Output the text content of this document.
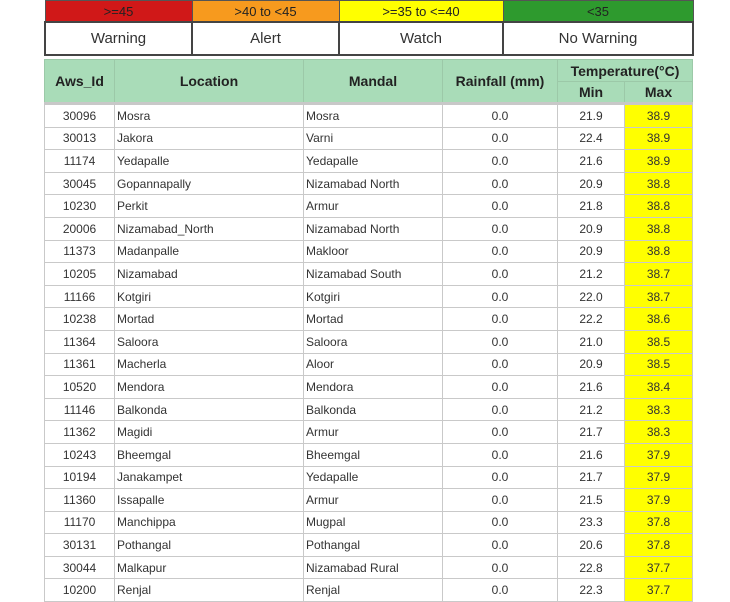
>=45	>40 to <45	>=35 to <=40	<35
Warning	Alert	Watch	No Warning
Aws_Id	Location	Mandal	Rainfall (mm)	Temperature(°C)	
				Min	Max
30096	Mosra	Mosra	0.0	21.9	38.9
30013	Jakora	Varni	0.0	22.4	38.9
11174	Yedapalle	Yedapalle	0.0	21.6	38.9
30045	Gopannapally	Nizamabad North	0.0	20.9	38.8
10230	Perkit	Armur	0.0	21.8	38.8
20006	Nizamabad_North	Nizamabad North	0.0	20.9	38.8
11373	Madanpalle	Makloor	0.0	20.9	38.8
10205	Nizamabad	Nizamabad South	0.0	21.2	38.7
11166	Kotgiri	Kotgiri	0.0	22.0	38.7
10238	Mortad	Mortad	0.0	22.2	38.6
11364	Saloora	Saloora	0.0	21.0	38.5
11361	Macherla	Aloor	0.0	20.9	38.5
10520	Mendora	Mendora	0.0	21.6	38.4
11146	Balkonda	Balkonda	0.0	21.2	38.3
11362	Magidi	Armur	0.0	21.7	38.3
10243	Bheemgal	Bheemgal	0.0	21.6	37.9
10194	Janakampet	Yedapalle	0.0	21.7	37.9
11360	Issapalle	Armur	0.0	21.5	37.9
11170	Manchippa	Mugpal	0.0	23.3	37.8
30131	Pothangal	Pothangal	0.0	20.6	37.8
30044	Malkapur	Nizamabad Rural	0.0	22.8	37.7
10200	Renjal	Renjal	0.0	22.3	37.7
